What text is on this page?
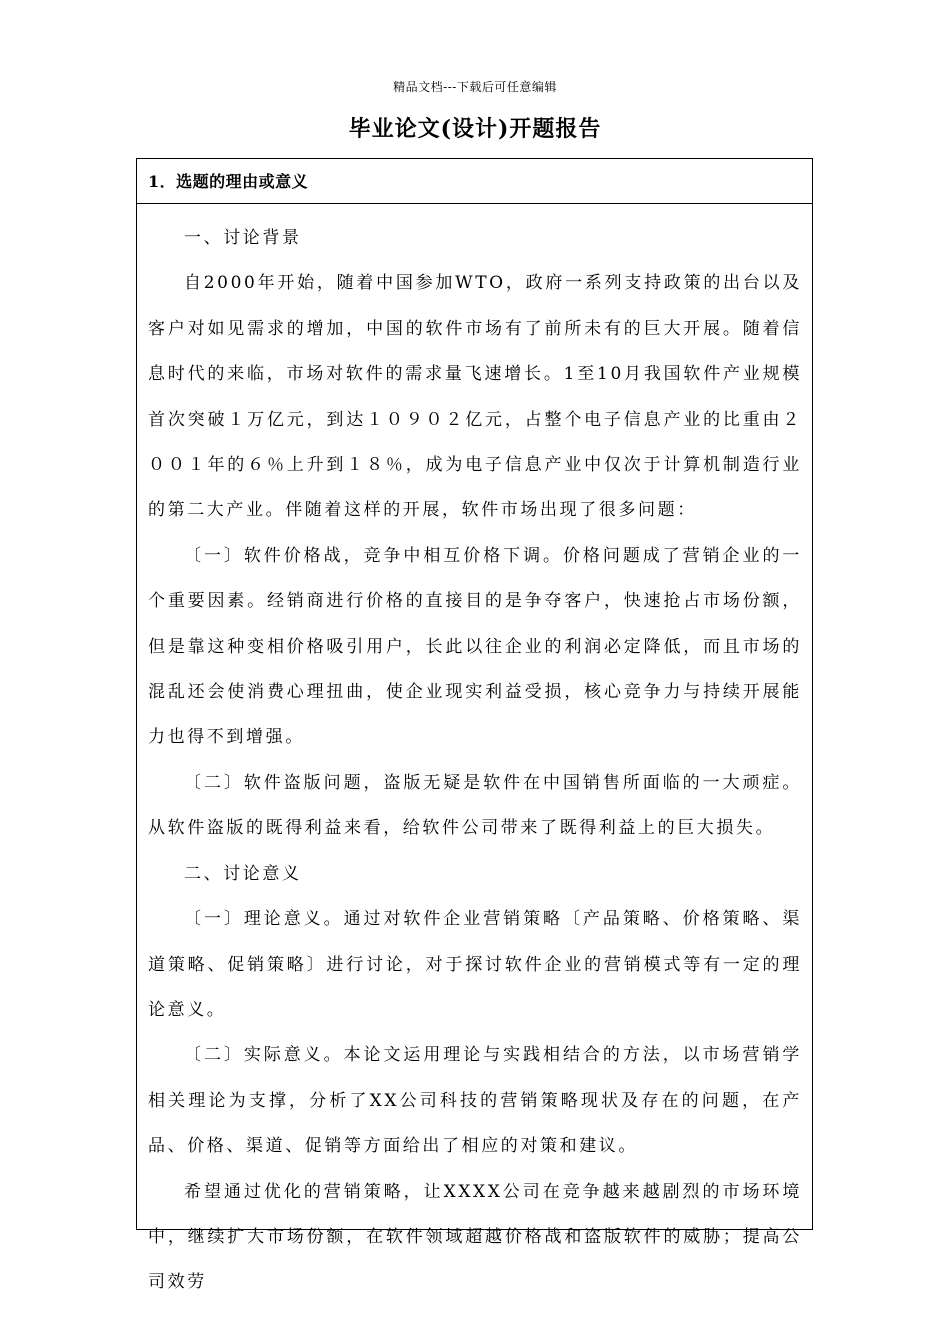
精品文档---下载后可任意编辑
毕业论文(设计)开题报告
1．选题的理由或意义

一、讨论背景

自2000年开始，随着中国参加WTO，政府一系列支持政策的出台以及客户对如见需求的增加，中国的软件市场有了前所未有的巨大开展。随着信息时代的来临，市场对软件的需求量飞速增长。1至10月我国软件产业规模首次突破１万亿元，到达１０９０２亿元，占整个电子信息产业的比重由２００１年的６％上升到１８％，成为电子信息产业中仅次于计算机制造行业的第二大产业。伴随着这样的开展，软件市场出现了很多问题：

〔一〕软件价格战，竞争中相互价格下调。价格问题成了营销企业的一个重要因素。经销商进行价格的直接目的是争夺客户，快速抢占市场份额，但是靠这种变相价格吸引用户，长此以往企业的利润必定降低，而且市场的混乱还会使消费心理扭曲，使企业现实利益受损，核心竞争力与持续开展能力也得不到增强。

〔二〕软件盗版问题，盗版无疑是软件在中国销售所面临的一大顽症。从软件盗版的既得利益来看，给软件公司带来了既得利益上的巨大损失。

二、讨论意义

〔一〕理论意义。通过对软件企业营销策略〔产品策略、价格策略、渠道策略、促销策略〕进行讨论，对于探讨软件企业的营销模式等有一定的理论意义。

〔二〕实际意义。本论文运用理论与实践相结合的方法，以市场营销学相关理论为支撑，分析了XX公司科技的营销策略现状及存在的问题，在产品、价格、渠道、促销等方面给出了相应的对策和建议。

希望通过优化的营销策略，让XXXX公司在竞争越来越剧烈的市场环境中，继续扩大市场份额，在软件领域超越价格战和盗版软件的威胁；提高公司效劳
